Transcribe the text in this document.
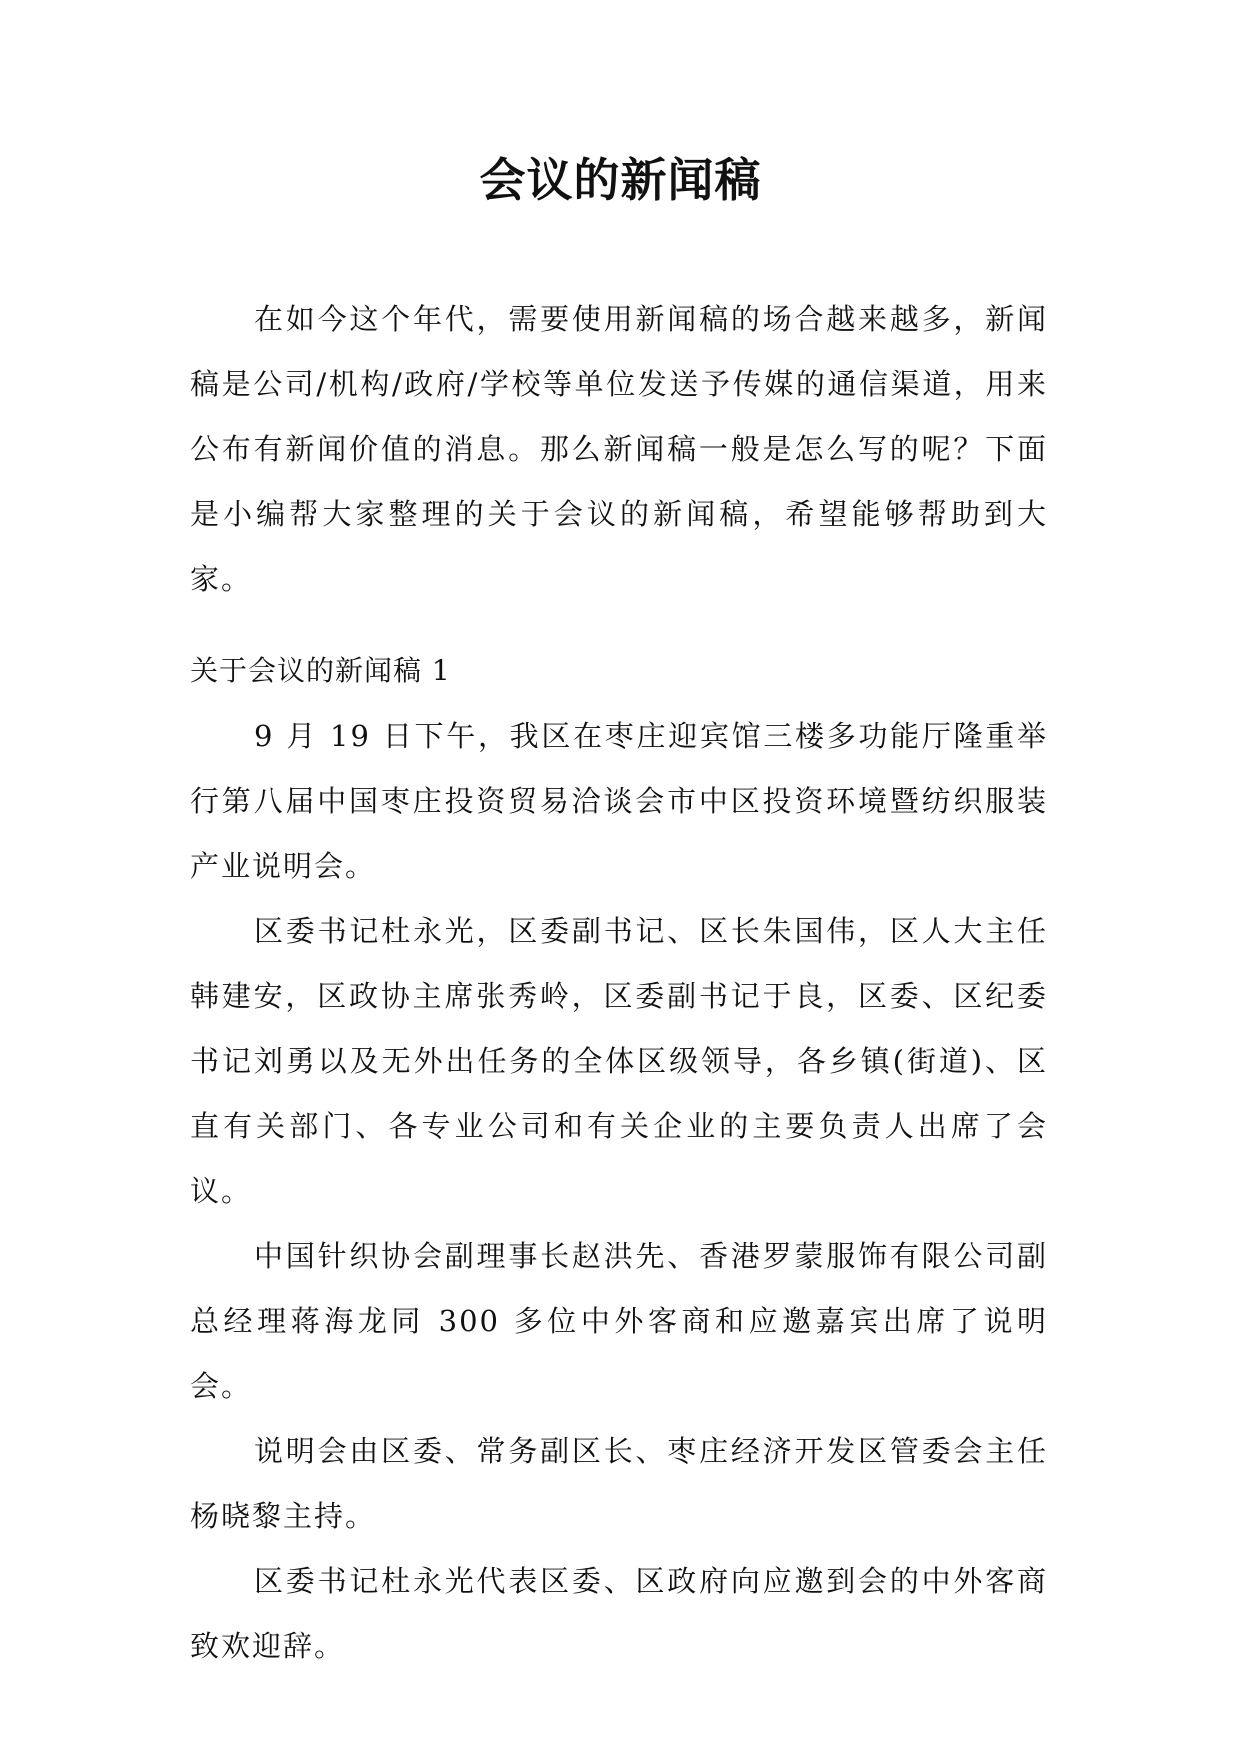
会议的新闻稿

在如今这个年代，需要使用新闻稿的场合越来越多，新闻稿是公司/机构/政府/学校等单位发送予传媒的通信渠道，用来公布有新闻价值的消息。那么新闻稿一般是怎么写的呢？下面是小编帮大家整理的关于会议的新闻稿，希望能够帮助到大家。

关于会议的新闻稿 1

9 月 19 日下午，我区在枣庄迎宾馆三楼多功能厅隆重举行第八届中国枣庄投资贸易洽谈会市中区投资环境暨纺织服装产业说明会。

区委书记杜永光，区委副书记、区长朱国伟，区人大主任韩建安，区政协主席张秀岭，区委副书记于良，区委、区纪委书记刘勇以及无外出任务的全体区级领导，各乡镇(街道)、区直有关部门、各专业公司和有关企业的主要负责人出席了会议。

中国针织协会副理事长赵洪先、香港罗蒙服饰有限公司副总经理蒋海龙同 300 多位中外客商和应邀嘉宾出席了说明会。

说明会由区委、常务副区长、枣庄经济开发区管委会主任杨晓黎主持。

区委书记杜永光代表区委、区政府向应邀到会的中外客商致欢迎辞。
